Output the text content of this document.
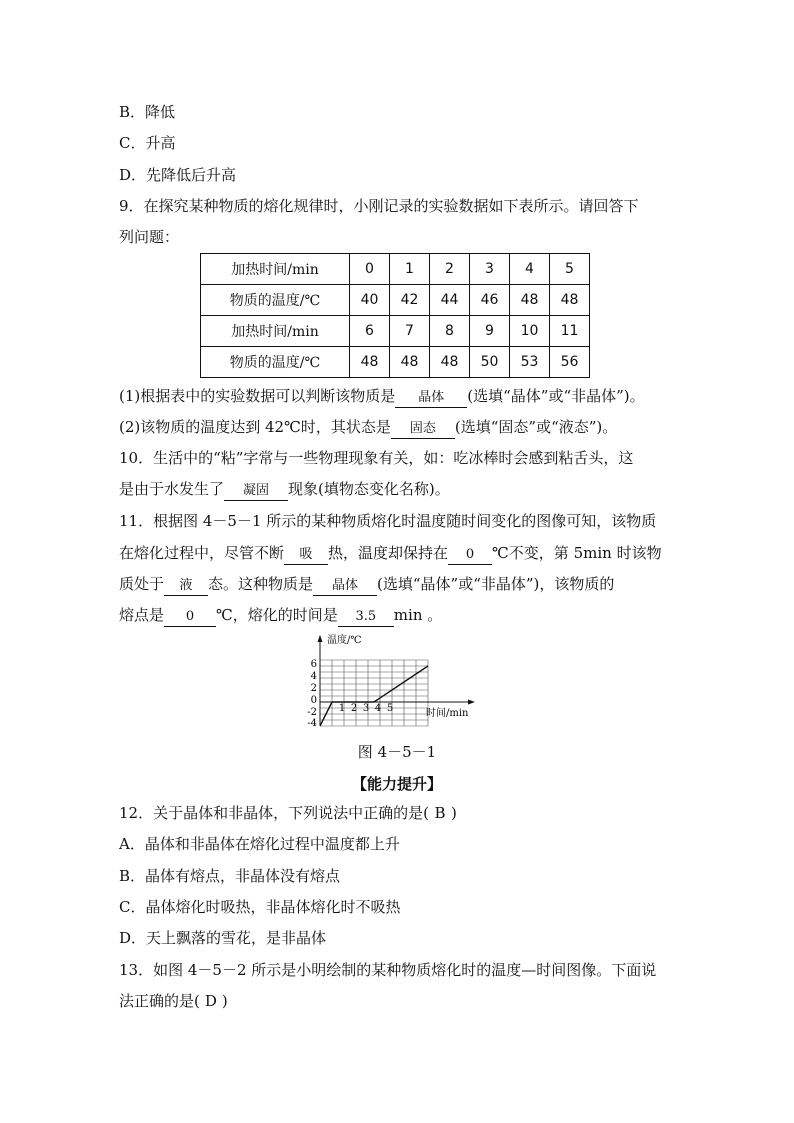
B．降低
C．升高
D．先降低后升高
9．在探究某种物质的熔化规律时，小刚记录的实验数据如下表所示。请回答下
列问题：
加热时间/min	0	1	2	3	4	5
物质的温度/℃	40	42	44	46	48	48
加热时间/min	6	7	8	9	10	11
物质的温度/℃	48	48	48	50	53	56
(1)根据表中的实验数据可以判断该物质是 晶体 (选填“晶体”或“非晶体”)。
(2)该物质的温度达到 42℃时，其状态是 固态 (选填“固态”或“液态”)。
10．生活中的“粘”字常与一些物理现象有关，如：吃冰棒时会感到粘舌头，这
是由于水发生了 凝固 现象(填物态变化名称)。
11．根据图 4－5－1 所示的某种物质熔化时温度随时间变化的图像可知，该物质
在熔化过程中，尽管不断 吸 热，温度却保持在 0 ℃不变，第 5min 时该物
质处于 液 态。这种物质是 晶体 (选填“晶体”或“非晶体”)，该物质的
熔点是 0 ℃，熔化的时间是 3.5 min 。
温度/℃
时间/min
6
4
2
0
-2
-4
1 2 3 4 5
图 4－5－1
【能力提升】
12．关于晶体和非晶体，下列说法中正确的是( B )
A．晶体和非晶体在熔化过程中温度都上升
B．晶体有熔点，非晶体没有熔点
C．晶体熔化时吸热，非晶体熔化时不吸热
D．天上飘落的雪花，是非晶体
13．如图 4－5－2 所示是小明绘制的某种物质熔化时的温度—时间图像。下面说
法正确的是( D )
